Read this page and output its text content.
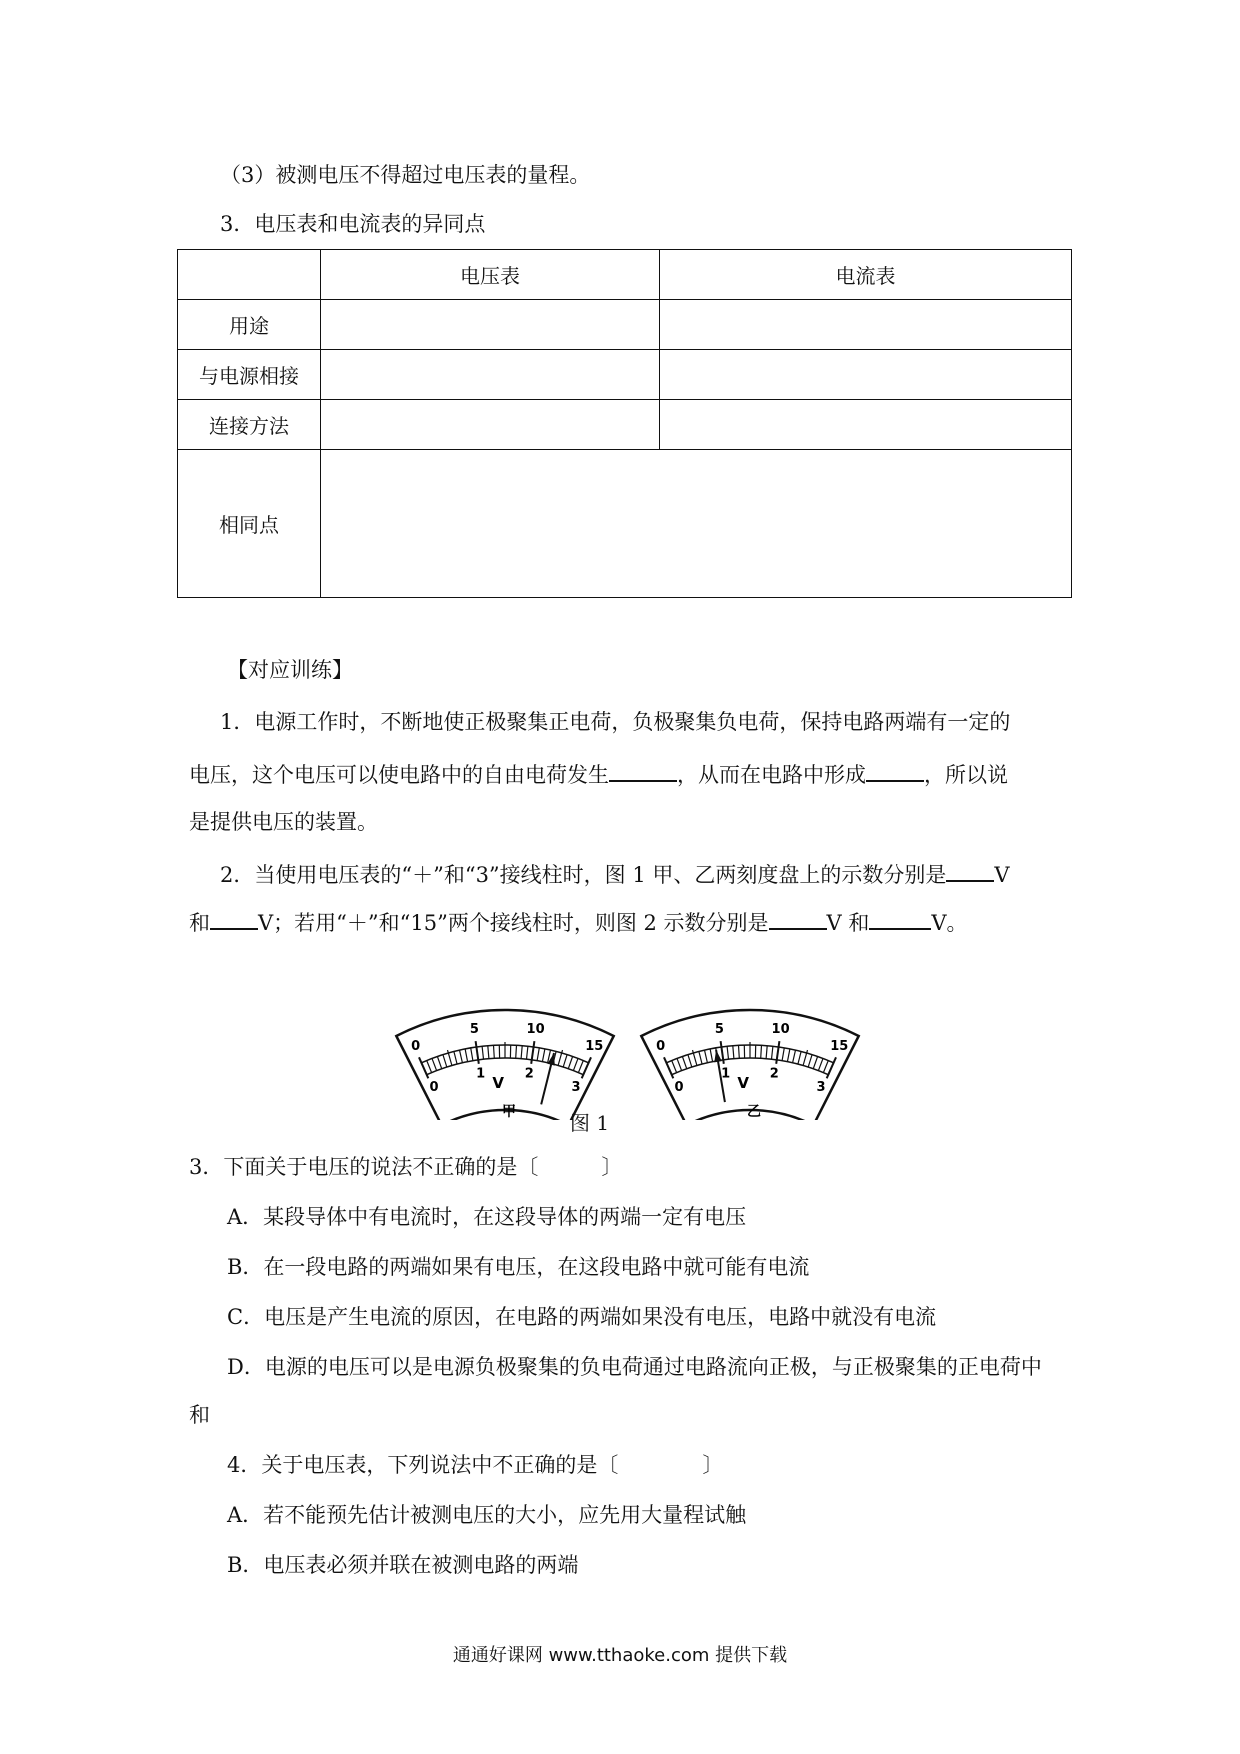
（3）被测电压不得超过电压表的量程。
3．电压表和电流表的异同点
	电压表	电流表
用途		
与电源相接		
连接方法		
相同点		
【对应训练】
1．电源工作时，不断地使正极聚集正电荷，负极聚集负电荷，保持电路两端有一定的
电压，这个电压可以使电路中的自由电荷发生	，从而在电路中形成	，所以说
是提供电压的装置。
2．当使用电压表的“＋”和“3”接线柱时，图 1 甲、乙两刻度盘上的示数分别是 V
和 V；若用“＋”和“15”两个接线柱时，则图 2 示数分别是	V 和	V。
0
5	10
15
0
1	2
3
V
甲
0
5	10
15
0
1	2
3
V
乙
图 1
3．下面关于电压的说法不正确的是〔　　　〕
A．某段导体中有电流时，在这段导体的两端一定有电压
B．在一段电路的两端如果有电压，在这段电路中就可能有电流
C．电压是产生电流的原因，在电路的两端如果没有电压，电路中就没有电流
D．电源的电压可以是电源负极聚集的负电荷通过电路流向正极，与正极聚集的正电荷中
和
4．关于电压表，下列说法中不正确的是〔　　　　〕
A．若不能预先估计被测电压的大小，应先用大量程试触
B．电压表必须并联在被测电路的两端
通通好课网 www.tthaoke.com 提供下载
